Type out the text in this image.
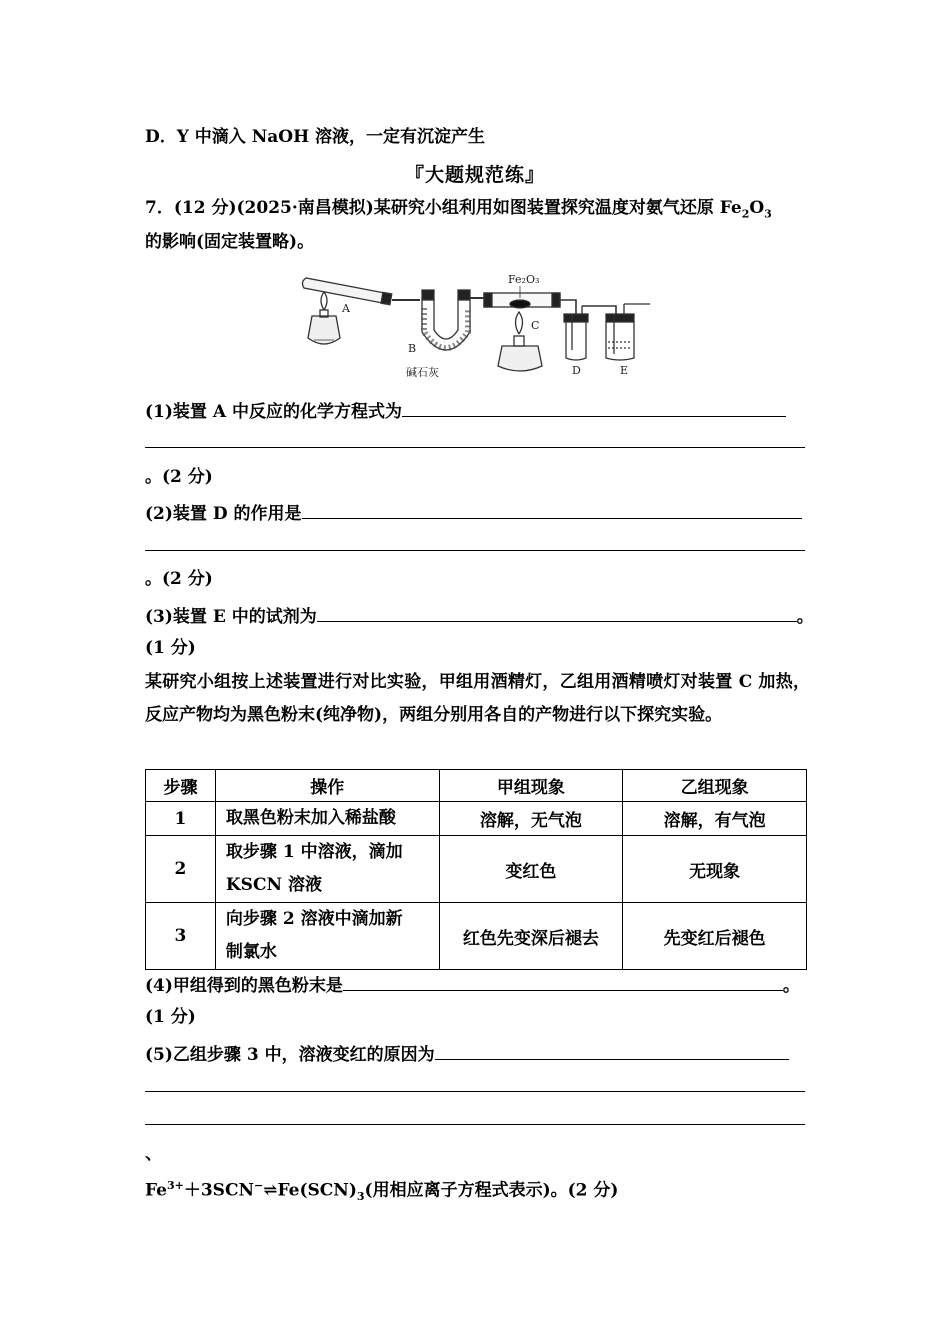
D．Y 中滴入 NaOH 溶液，一定有沉淀产生
『大题规范练』
7．(12 分)(2025·南昌模拟)某研究小组利用如图装置探究温度对氨气还原 $Fe_2O_3$
的影响(固定装置略)。
Fe₂O₃
A
B
C
D	E
碱石灰
(1)装置 A 中反应的化学方程式为
。(2 分)
(2)装置 D 的作用是
。(2 分)
(3)装置 E 中的试剂为	。
(1 分)
某研究小组按上述装置进行对比实验，甲组用酒精灯，乙组用酒精喷灯对装置 C 加热，反应产物均为黑色粉末(纯净物)，两组分别用各自的产物进行以下探究实验。
步骤	操作	甲组现象	乙组现象
1	取黑色粉末加入稀盐酸	溶解，无气泡	溶解，有气泡
2	取步骤 1 中溶液，滴加
KSCN 溶液	变红色	无现象
3	向步骤 2 溶液中滴加新
制氯水	红色先变深后褪去	先变红后褪色
(4)甲组得到的黑色粉末是	。
(1 分)
(5)乙组步骤 3 中，溶液变红的原因为
、
$Fe^{3+}+3SCN^-\rightleftharpoons Fe(SCN)_3$(用相应离子方程式表示)。(2 分)
